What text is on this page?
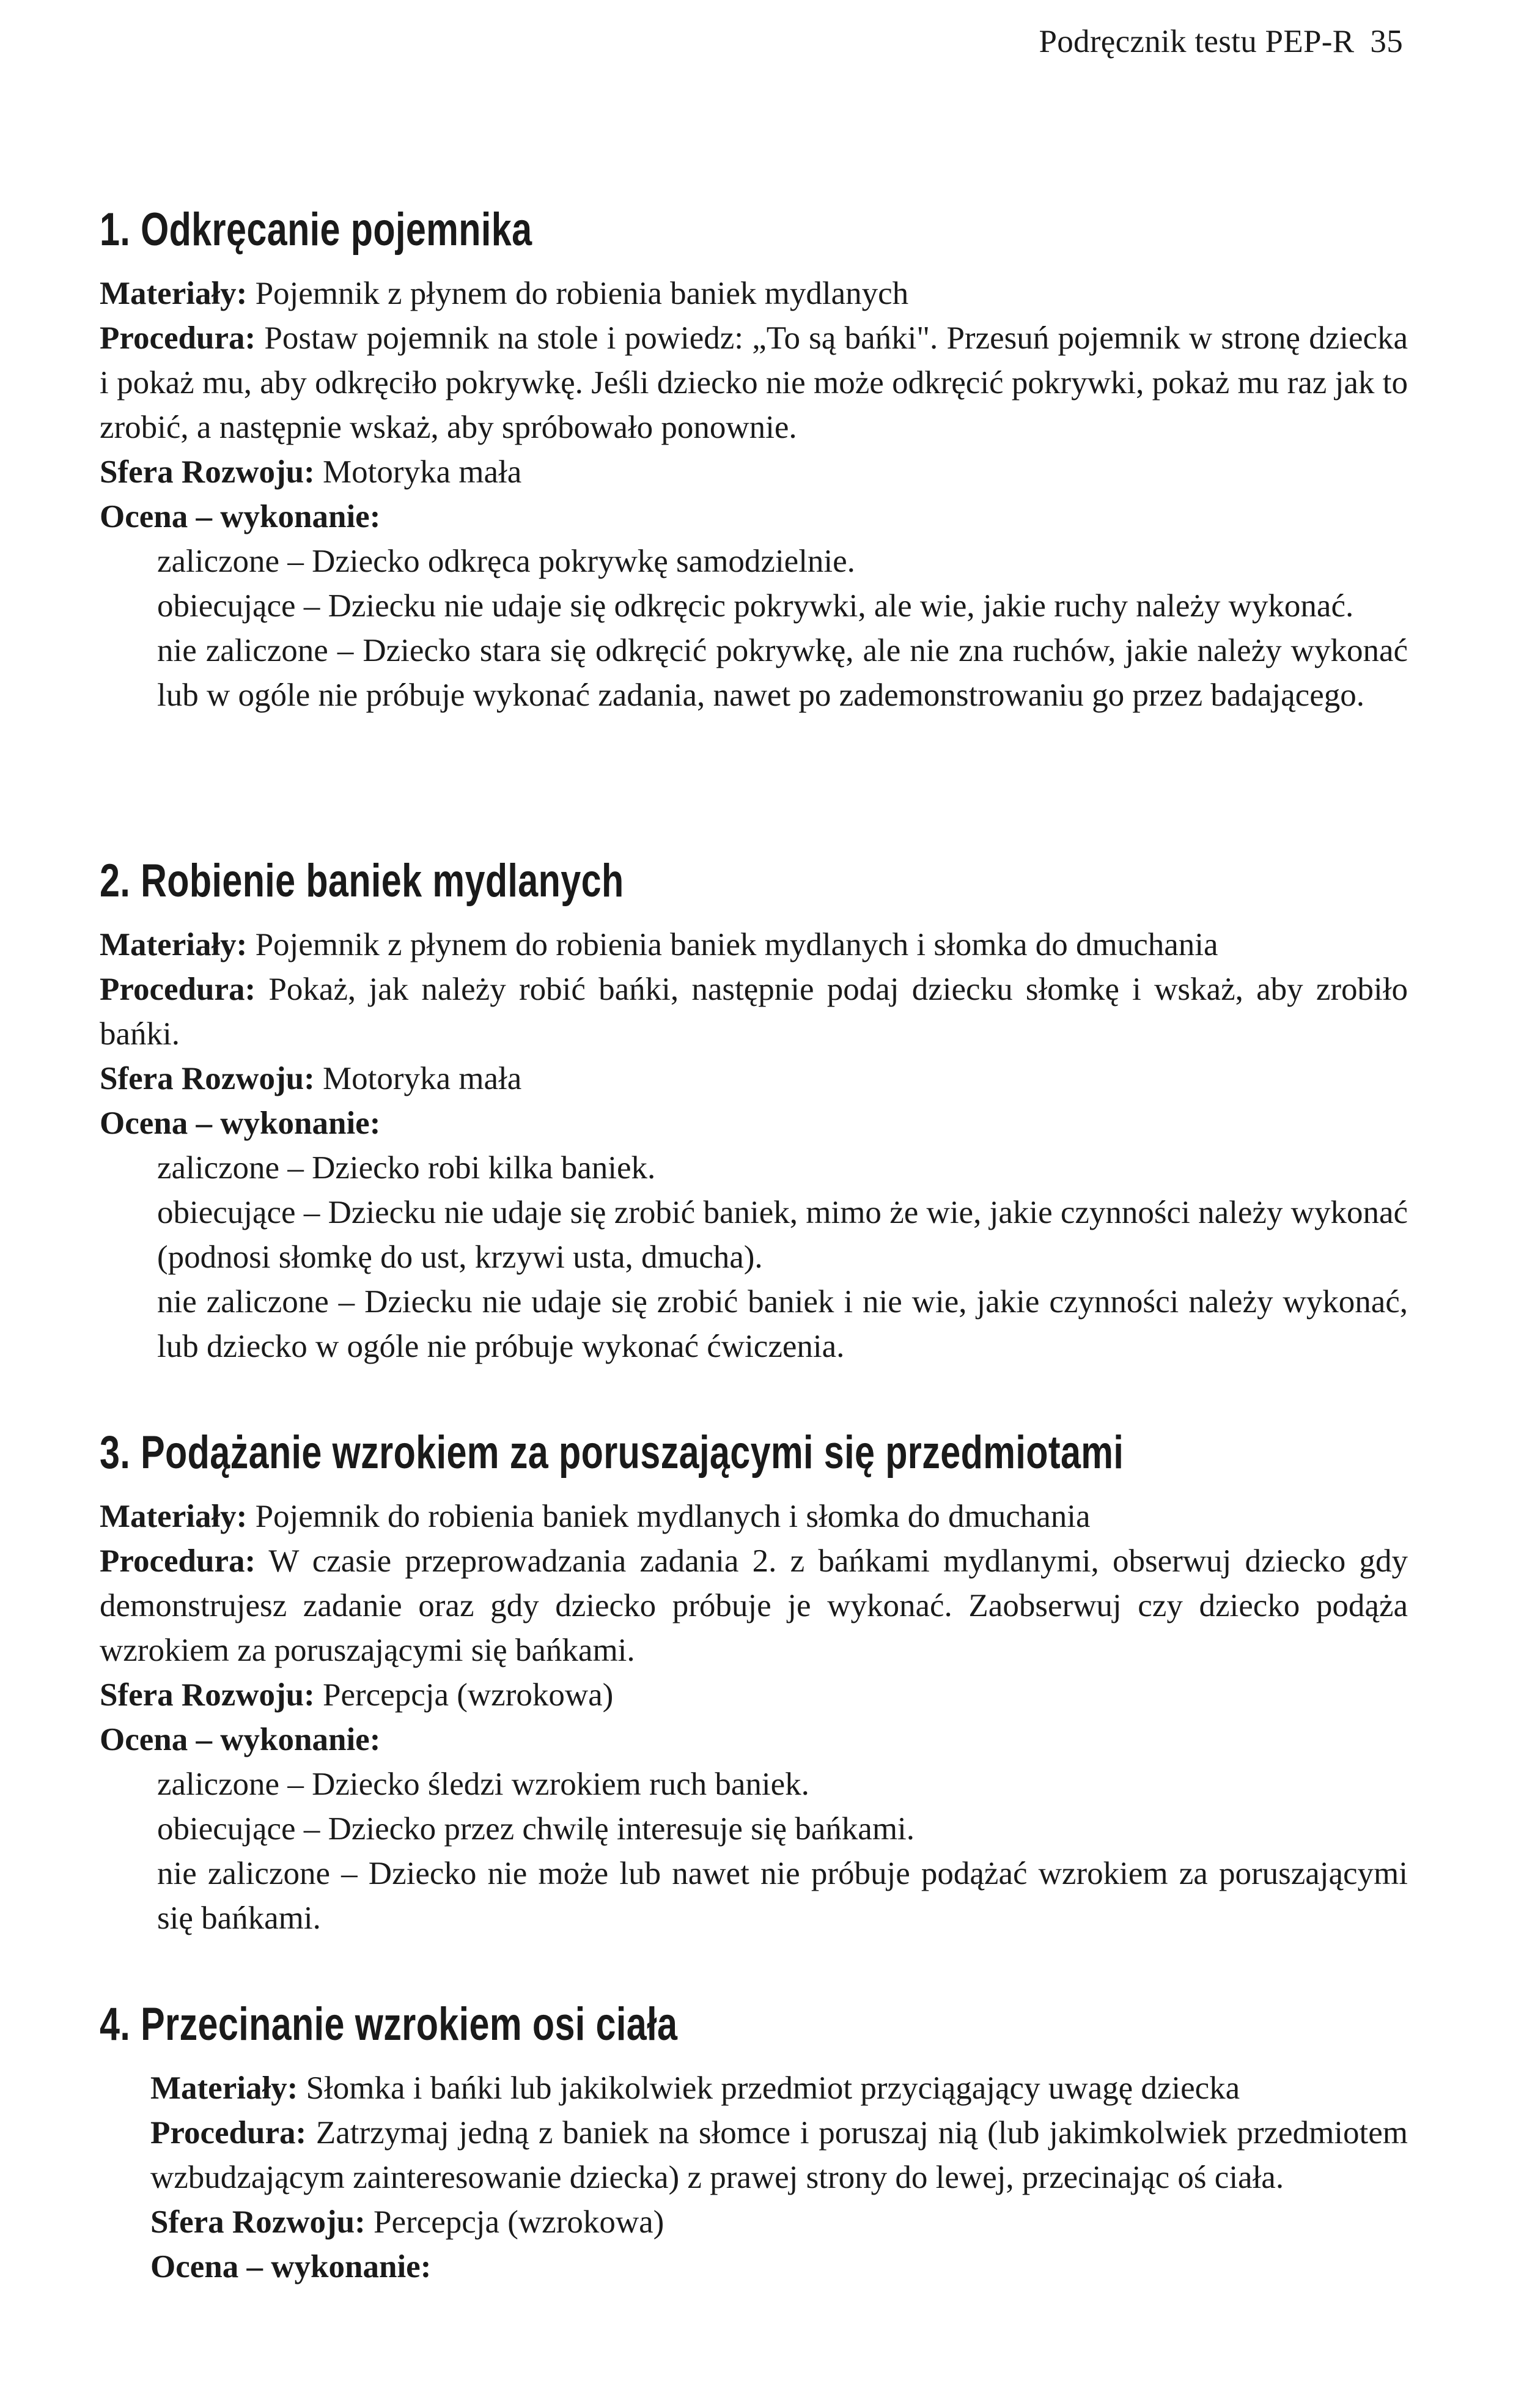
Podręcznik testu PEP-R 35
1. Odkręcanie pojemnika

Materiały: Pojemnik z płynem do robienia baniek mydlanych

Procedura: Postaw pojemnik na stole i powiedz: „To są bańki". Przesuń pojemnik w stronę dziecka i pokaż mu, aby odkręciło pokrywkę. Jeśli dziecko nie może odkręcić pokrywki, pokaż mu raz jak to zrobić, a następnie wskaż, aby spróbowało ponownie.

Sfera Rozwoju: Motoryka mała

Ocena – wykonanie:

zaliczone – Dziecko odkręca pokrywkę samodzielnie.

obiecujące – Dziecku nie udaje się odkręcic pokrywki, ale wie, jakie ruchy należy wykonać.

nie zaliczone – Dziecko stara się odkręcić pokrywkę, ale nie zna ruchów, jakie należy wykonać lub w ogóle nie próbuje wykonać zadania, nawet po zademonstrowaniu go przez badającego.

2. Robienie baniek mydlanych

Materiały: Pojemnik z płynem do robienia baniek mydlanych i słomka do dmuchania

Procedura: Pokaż, jak należy robić bańki, następnie podaj dziecku słomkę i wskaż, aby zrobiło bańki.

Sfera Rozwoju: Motoryka mała

Ocena – wykonanie:

zaliczone – Dziecko robi kilka baniek.

obiecujące – Dziecku nie udaje się zrobić baniek, mimo że wie, jakie czynności należy wykonać (podnosi słomkę do ust, krzywi usta, dmucha).

nie zaliczone – Dziecku nie udaje się zrobić baniek i nie wie, jakie czynności należy wykonać, lub dziecko w ogóle nie próbuje wykonać ćwiczenia.

3. Podążanie wzrokiem za poruszającymi się przedmiotami

Materiały: Pojemnik do robienia baniek mydlanych i słomka do dmuchania

Procedura: W czasie przeprowadzania zadania 2. z bańkami mydlanymi, obserwuj dziecko gdy demonstrujesz zadanie oraz gdy dziecko próbuje je wykonać. Zaobserwuj czy dziecko podąża wzrokiem za poruszającymi się bańkami.

Sfera Rozwoju: Percepcja (wzrokowa)

Ocena – wykonanie:

zaliczone – Dziecko śledzi wzrokiem ruch baniek.

obiecujące – Dziecko przez chwilę interesuje się bańkami.

nie zaliczone – Dziecko nie może lub nawet nie próbuje podążać wzrokiem za poruszającymi się bańkami.

4. Przecinanie wzrokiem osi ciała

Materiały: Słomka i bańki lub jakikolwiek przedmiot przyciągający uwagę dziecka

Procedura: Zatrzymaj jedną z baniek na słomce i poruszaj nią (lub jakimkolwiek przedmiotem wzbudzającym zainteresowanie dziecka) z prawej strony do lewej, przecinając oś ciała.

Sfera Rozwoju: Percepcja (wzrokowa)

Ocena – wykonanie:
